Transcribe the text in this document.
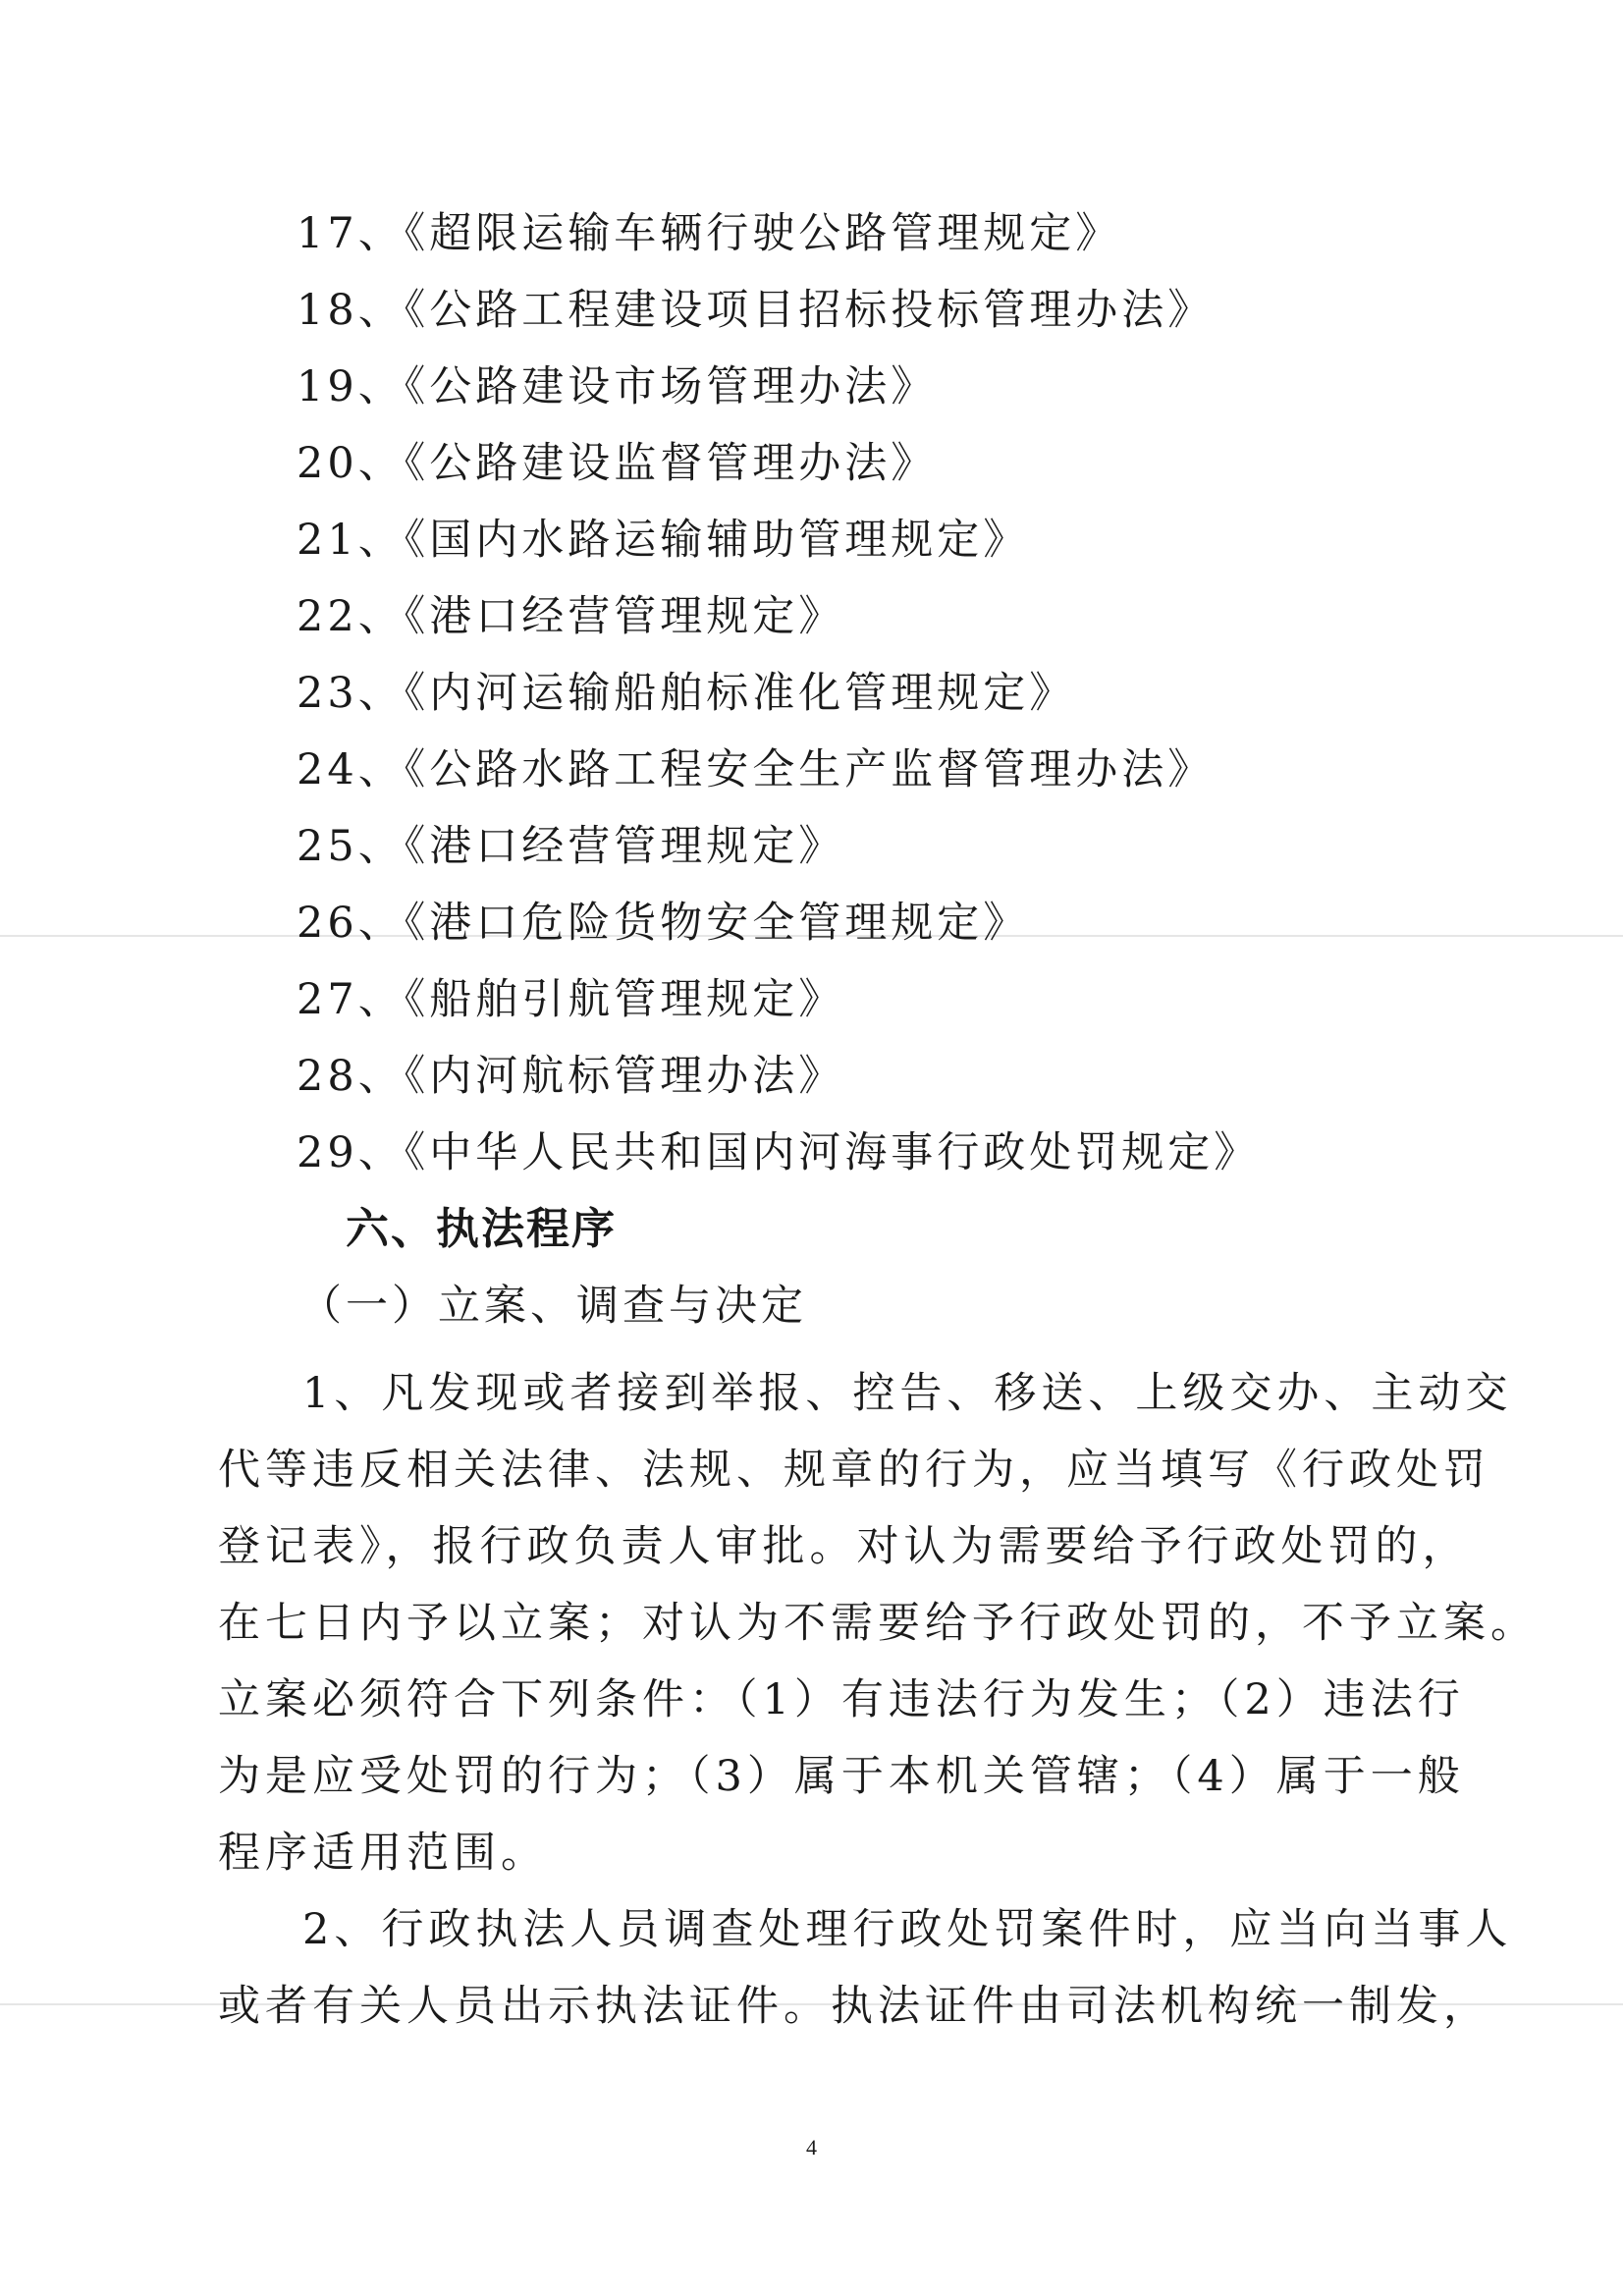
17、《超限运输车辆行驶公路管理规定》
18、《公路工程建设项目招标投标管理办法》
19、《公路建设市场管理办法》
20、《公路建设监督管理办法》
21、《国内水路运输辅助管理规定》
22、《港口经营管理规定》
23、《内河运输船舶标准化管理规定》
24、《公路水路工程安全生产监督管理办法》
25、《港口经营管理规定》
26、《港口危险货物安全管理规定》
27、《船舶引航管理规定》
28、《内河航标管理办法》
29、《中华人民共和国内河海事行政处罚规定》
六、执法程序
（一）立案、调查与决定
1、凡发现或者接到举报、控告、移送、上级交办、主动交
代等违反相关法律、法规、规章的行为，应当填写《行政处罚
登记表》，报行政负责人审批。对认为需要给予行政处罚的，
在七日内予以立案；对认为不需要给予行政处罚的，不予立案。
立案必须符合下列条件：（1）有违法行为发生；（2）违法行
为是应受处罚的行为；（3）属于本机关管辖；（4）属于一般
程序适用范围。
2、行政执法人员调查处理行政处罚案件时，应当向当事人
或者有关人员出示执法证件。执法证件由司法机构统一制发，
4
